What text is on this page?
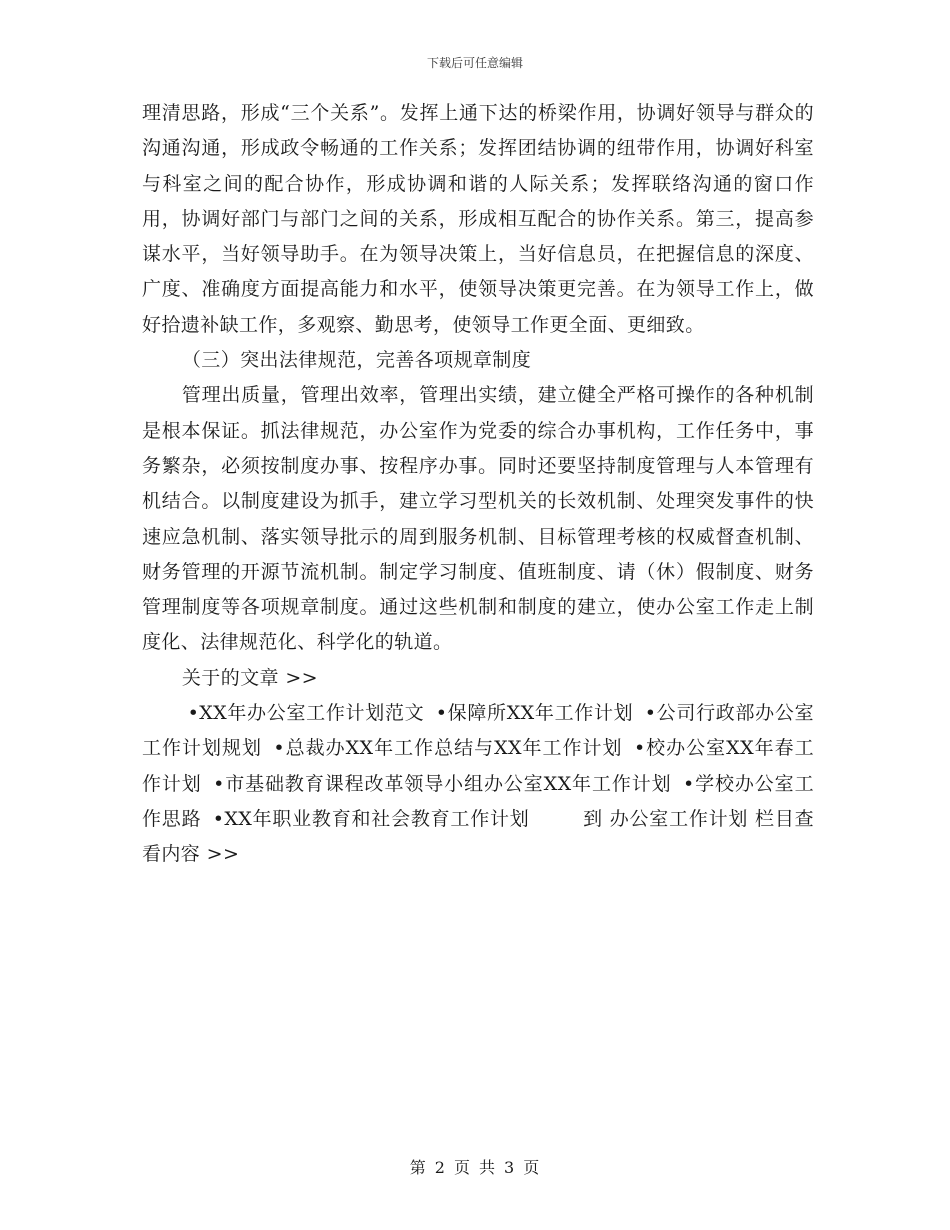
下载后可任意编辑

理清思路，形成“三个关系”。发挥上通下达的桥梁作用，协调好领导与群众的沟通沟通，形成政令畅通的工作关系；发挥团结协调的纽带作用，协调好科室与科室之间的配合协作，形成协调和谐的人际关系；发挥联络沟通的窗口作用，协调好部门与部门之间的关系，形成相互配合的协作关系。第三，提高参谋水平，当好领导助手。在为领导决策上，当好信息员，在把握信息的深度、广度、准确度方面提高能力和水平，使领导决策更完善。在为领导工作上，做好拾遗补缺工作，多观察、勤思考，使领导工作更全面、更细致。

（三）突出法律规范，完善各项规章制度

管理出质量，管理出效率，管理出实绩，建立健全严格可操作的各种机制是根本保证。抓法律规范，办公室作为党委的综合办事机构，工作任务中，事务繁杂，必须按制度办事、按程序办事。同时还要坚持制度管理与人本管理有机结合。以制度建设为抓手，建立学习型机关的长效机制、处理突发事件的快速应急机制、落实领导批示的周到服务机制、目标管理考核的权威督查机制、财务管理的开源节流机制。制定学习制度、值班制度、请（休）假制度、财务管理制度等各项规章制度。通过这些机制和制度的建立，使办公室工作走上制度化、法律规范化、科学化的轨道。

关于的文章 >>

•XX年办公室工作计划范文 •保障所XX年工作计划 •公司行政部办公室工作计划规划 •总裁办XX年工作总结与XX年工作计划 •校办公室XX年春工作计划 •市基础教育课程改革领导小组办公室XX年工作计划 •学校办公室工作思路 •XX年职业教育和社会教育工作计划	到 办公室工作计划 栏目查看内容 >>

第 2 页 共 3 页
